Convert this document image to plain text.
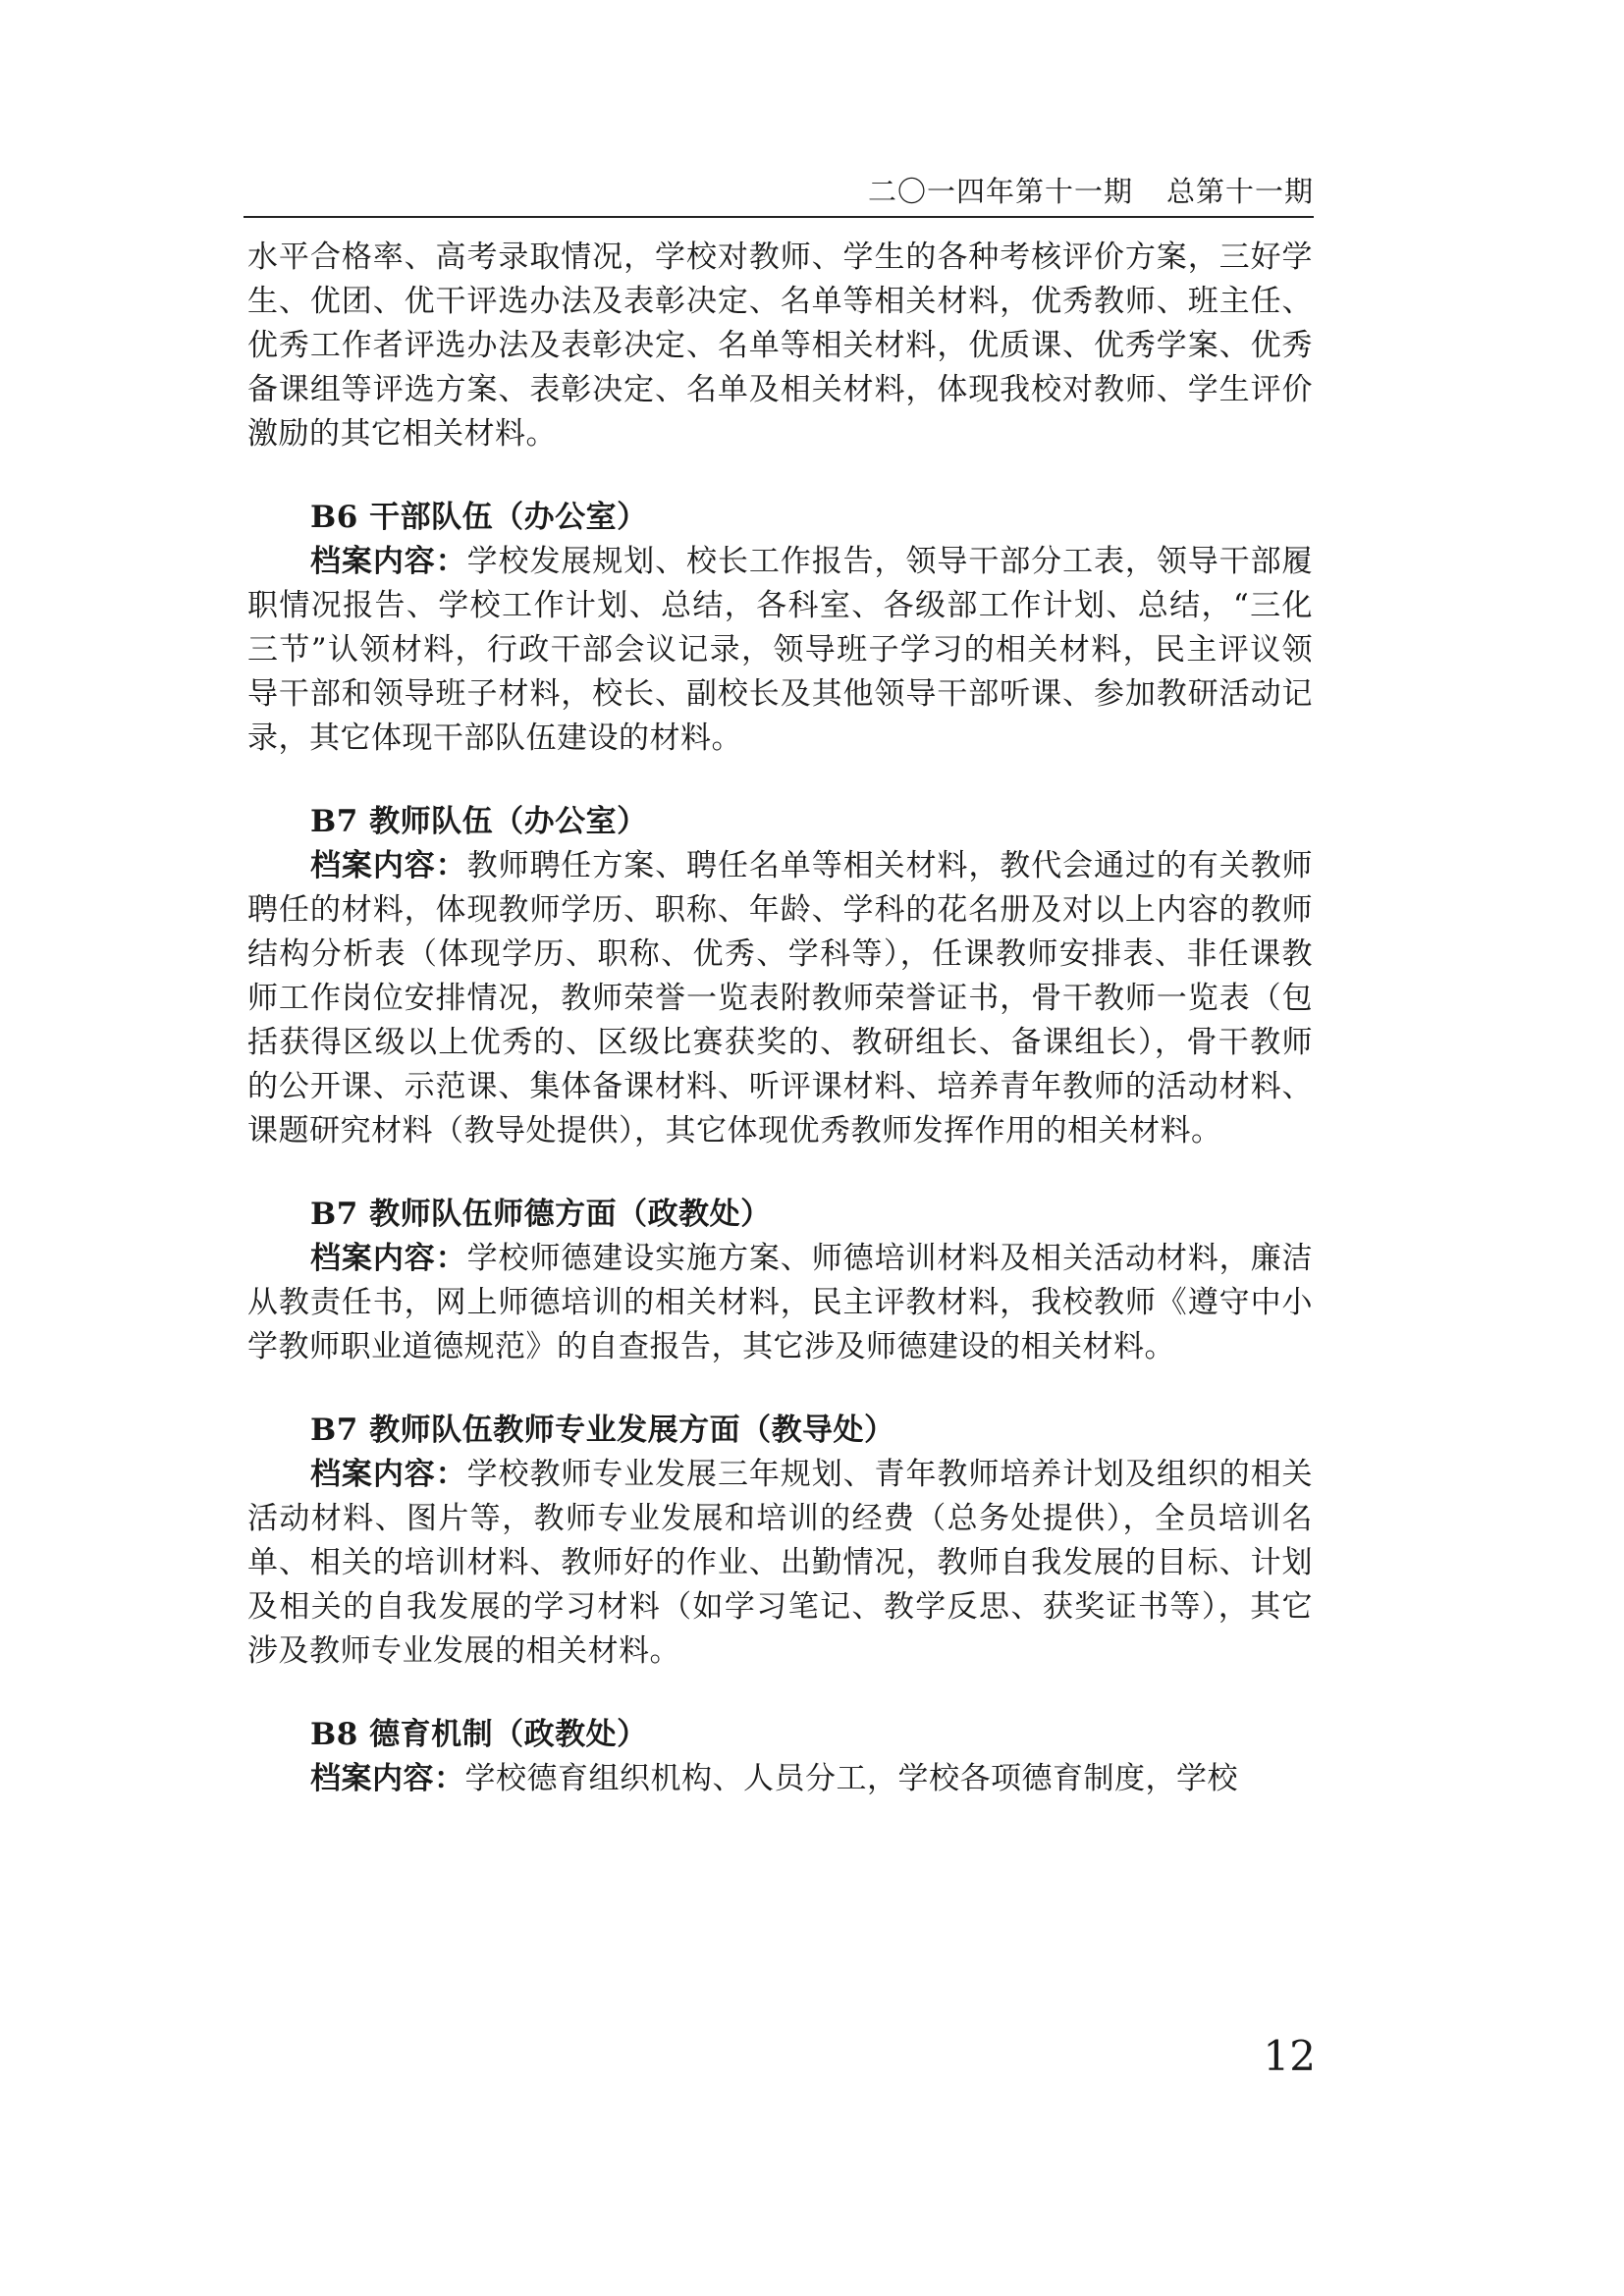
二〇一四年第十一期 总第十一期

水平合格率、高考录取情况，学校对教师、学生的各种考核评价方案，三好学生、优团、优干评选办法及表彰决定、名单等相关材料，优秀教师、班主任、优秀工作者评选办法及表彰决定、名单等相关材料，优质课、优秀学案、优秀备课组等评选方案、表彰决定、名单及相关材料，体现我校对教师、学生评价激励的其它相关材料。

B6 干部队伍（办公室）

档案内容：学校发展规划、校长工作报告，领导干部分工表，领导干部履职情况报告、学校工作计划、总结，各科室、各级部工作计划、总结，“三化三节”认领材料，行政干部会议记录，领导班子学习的相关材料，民主评议领导干部和领导班子材料，校长、副校长及其他领导干部听课、参加教研活动记录，其它体现干部队伍建设的材料。

B7 教师队伍（办公室）

档案内容：教师聘任方案、聘任名单等相关材料，教代会通过的有关教师聘任的材料，体现教师学历、职称、年龄、学科的花名册及对以上内容的教师结构分析表（体现学历、职称、优秀、学科等），任课教师安排表、非任课教师工作岗位安排情况，教师荣誉一览表附教师荣誉证书，骨干教师一览表（包括获得区级以上优秀的、区级比赛获奖的、教研组长、备课组长），骨干教师的公开课、示范课、集体备课材料、听评课材料、培养青年教师的活动材料、课题研究材料（教导处提供），其它体现优秀教师发挥作用的相关材料。

B7 教师队伍师德方面（政教处）

档案内容：学校师德建设实施方案、师德培训材料及相关活动材料，廉洁从教责任书，网上师德培训的相关材料，民主评教材料，我校教师《遵守中小学教师职业道德规范》的自查报告，其它涉及师德建设的相关材料。

B7 教师队伍教师专业发展方面（教导处）

档案内容：学校教师专业发展三年规划、青年教师培养计划及组织的相关活动材料、图片等，教师专业发展和培训的经费（总务处提供），全员培训名单、相关的培训材料、教师好的作业、出勤情况，教师自我发展的目标、计划及相关的自我发展的学习材料（如学习笔记、教学反思、获奖证书等），其它涉及教师专业发展的相关材料。

B8 德育机制（政教处）

档案内容：学校德育组织机构、人员分工，学校各项德育制度，学校

12
